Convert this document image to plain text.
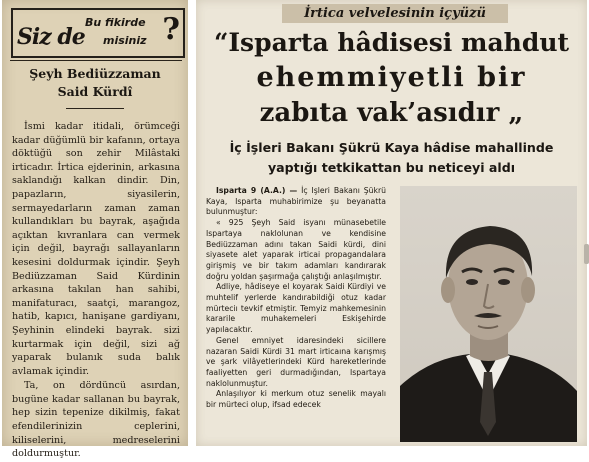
Siz de
Bu fikirde
misiniz ?
Şeyh Bediüzzaman
Said Kürdî

İsmi kadar itidali, örümceği kadar düğümlü bir kafanın, ortaya döktüğü son zehir Milâstaki irticadır. İrtica ejderinin, arkasına saklandığı kalkan dindir. Din, papazların, siyasilerin, sermayedarların zaman zaman kullandıkları bu bayrak, aşağıda açıktan kıvranlara can vermek için değil, bayrağı sallayanların kesesini doldurmak içindir. Şeyh Bediüzzaman Said Kürdinin arkasına takılan han sahibi, manifaturacı, saatçi, marangoz, hatib, kapıcı, hanişane gardiyanı, Şeyhinin elindeki bayrak. sizi kurtarmak için değil, sizi ağ yaparak bulanık suda balık avlamak içindir.

Ta, on dördüncü asırdan, bugüne kadar sallanan bu bayrak, hep sizin tepenize dikilmiş, fakat efendilerinizin ceplerini, kiliselerini, medreselerini doldurmuştur.

İrtica velvelesinin içyüzü
“Isparta hâdisesi mahdut
ehemmiyetli bir
zabıta vak’asıdır „
İç İşleri Bakanı Şükrü Kaya hâdise mahallinde
yaptığı tetkikattan bu neticeyi aldı

Isparta 9 (A.A.) — İç Işleri Bakanı Şükrü Kaya, Isparta muhabirimize şu beyanatta bulunmuştur:

« 925 Şeyh Said isyanı münasebetile Ispartaya naklolunan ve kendisine Bediüzzaman adını takan Saidi kürdi, dini siyasete alet yaparak irticai propagandalara girişmiş ve bir takım adamları kandırarak doğru yoldan şaşırmağa çalıştığı anlaşılmıştır.

Adliye, hâdiseye el koyarak Saidi Kürdiyi ve muhtelif yerlerde kandırabildiği otuz kadar mürteciı tevkif etmiştir. Temyiz mahkemesinin kararile muhakemeleri Eskişehirde yapılacaktır.

Genel emniyet idaresindeki sicillere nazaran Saidi Kürdi 31 mart irticaına karışmış ve şark vilâyetlerindeki Kürd hareketlerinde faaliyetten geri durmadığından, Ispartaya naklolunmuştur.

Anlaşılıyor ki merkum otuz senelik mayalı bir mürteci olup, ifsad edecek
